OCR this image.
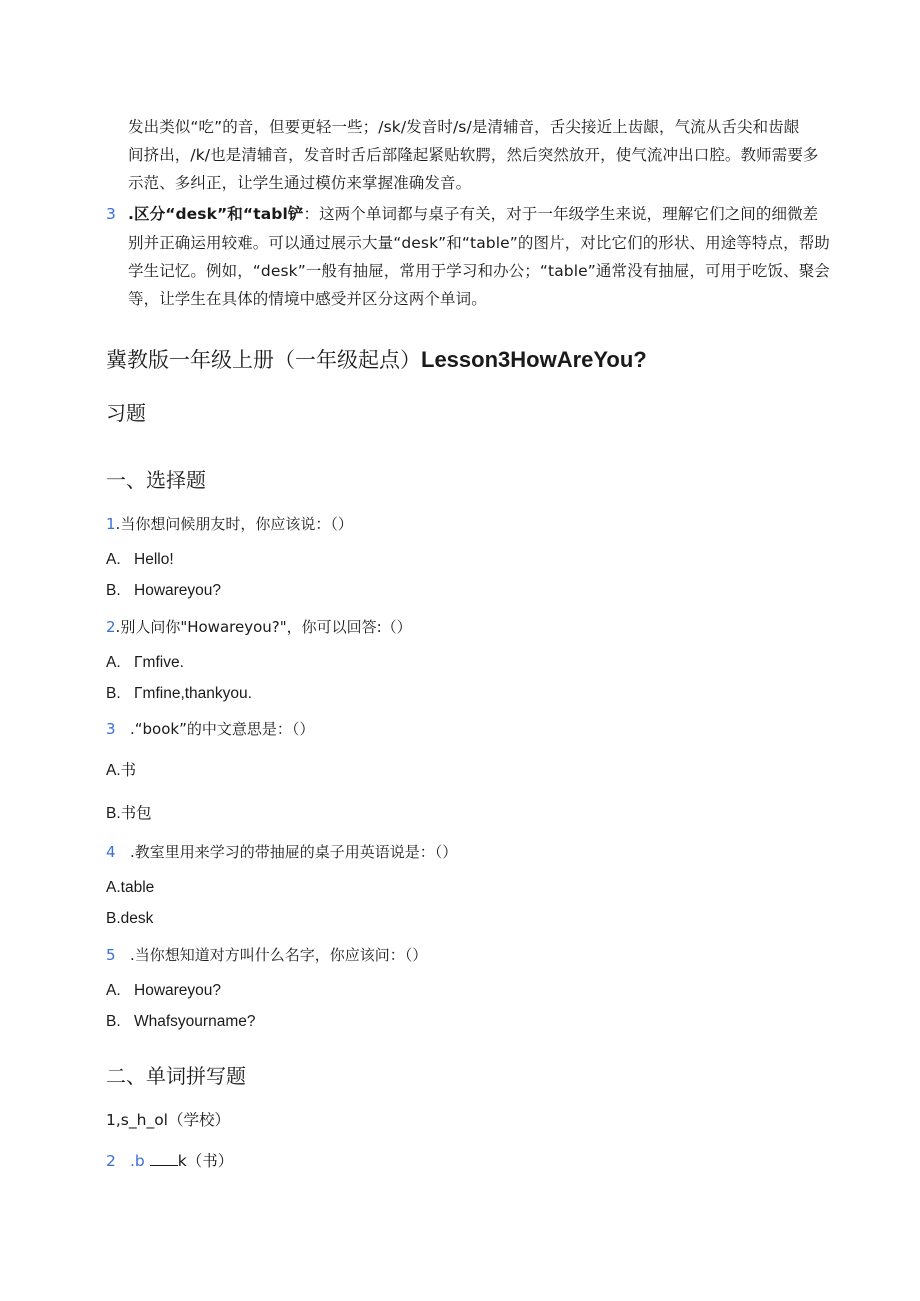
发出类似“吃”的音，但要更轻一些；/sk/发音时/s/是清辅音，舌尖接近上齿龈，气流从舌尖和齿龈
间挤出，/k/也是清辅音，发音时舌后部隆起紧贴软腭，然后突然放开，使气流冲出口腔。教师需要多
示范、多纠正，让学生通过模仿来掌握准确发音。
3 .区分“desk”和“tabl铲：这两个单词都与桌子有关，对于一年级学生来说，理解它们之间的细微差
别并正确运用较难。可以通过展示大量“desk”和“table”的图片，对比它们的形状、用途等特点，帮助
学生记忆。例如，“desk”一般有抽屉，常用于学习和办公；“table”通常没有抽屉，可用于吃饭、聚会
等，让学生在具体的情境中感受并区分这两个单词。
冀教版一年级上册（一年级起点）Lesson3HowAreYou?
习题
一、选择题
1.当你想问候朋友时，你应该说：（）
A. Hello!
B. Howareyou?
2.别人问你"Howareyou?"，你可以回答:（）
A. Γmfive.
B. Γmfine,thankyou.
3 .“book”的中文意思是：（）
A.书
B.书包
4 .教室里用来学习的带抽屉的桌子用英语说是：（）
A.table
B.desk
5 .当你想知道对方叫什么名字，你应该问：（）
A. Howareyou?
B. Whafsyourname?
二、单词拼写题
1,s_h_ol（学校）
2 .b k（书）
